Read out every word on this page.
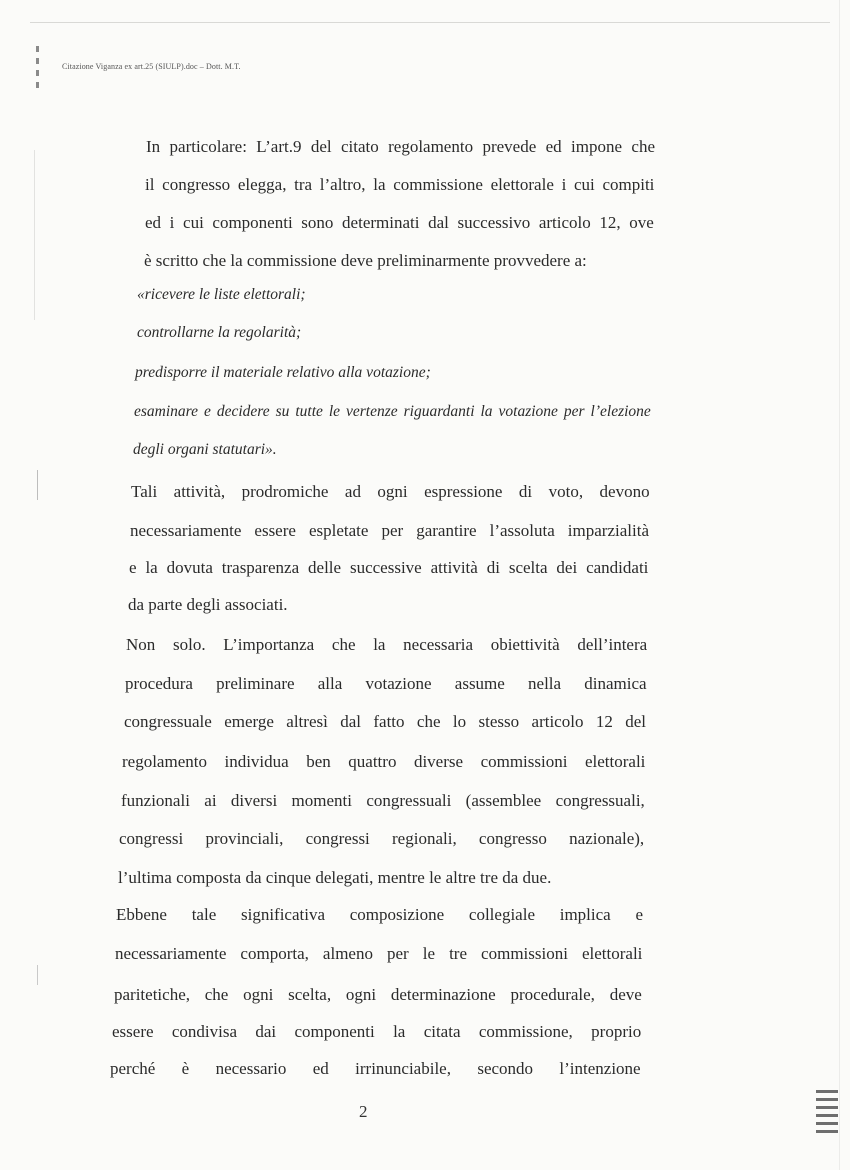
Citazione Viganza ex art.25 (SIULP).doc – Dott. M.T.
In particolare: L’art.9 del citato regolamento prevede ed impone che
il congresso elegga, tra l’altro, la commissione elettorale i cui compiti
ed i cui componenti sono determinati dal successivo articolo 12, ove
è scritto che la commissione deve preliminarmente provvedere a:
«ricevere le liste elettorali;
controllarne la regolarità;
predisporre il materiale relativo alla votazione;
esaminare e decidere su tutte le vertenze riguardanti la votazione per l’elezione
degli organi statutari».
Tali attività, prodromiche ad ogni espressione di voto, devono
necessariamente essere espletate per garantire l’assoluta imparzialità
e la dovuta trasparenza delle successive attività di scelta dei candidati
da parte degli associati.
Non solo. L’importanza che la necessaria obiettività dell’intera
procedura preliminare alla votazione assume nella dinamica
congressuale emerge altresì dal fatto che lo stesso articolo 12 del
regolamento individua ben quattro diverse commissioni elettorali
funzionali ai diversi momenti congressuali (assemblee congressuali,
congressi provinciali, congressi regionali, congresso nazionale),
l’ultima composta da cinque delegati, mentre le altre tre da due.
Ebbene tale significativa composizione collegiale implica e
necessariamente comporta, almeno per le tre commissioni elettorali
paritetiche, che ogni scelta, ogni determinazione procedurale, deve
essere condivisa dai componenti la citata commissione, proprio
perché è necessario ed irrinunciabile, secondo l’intenzione
2
